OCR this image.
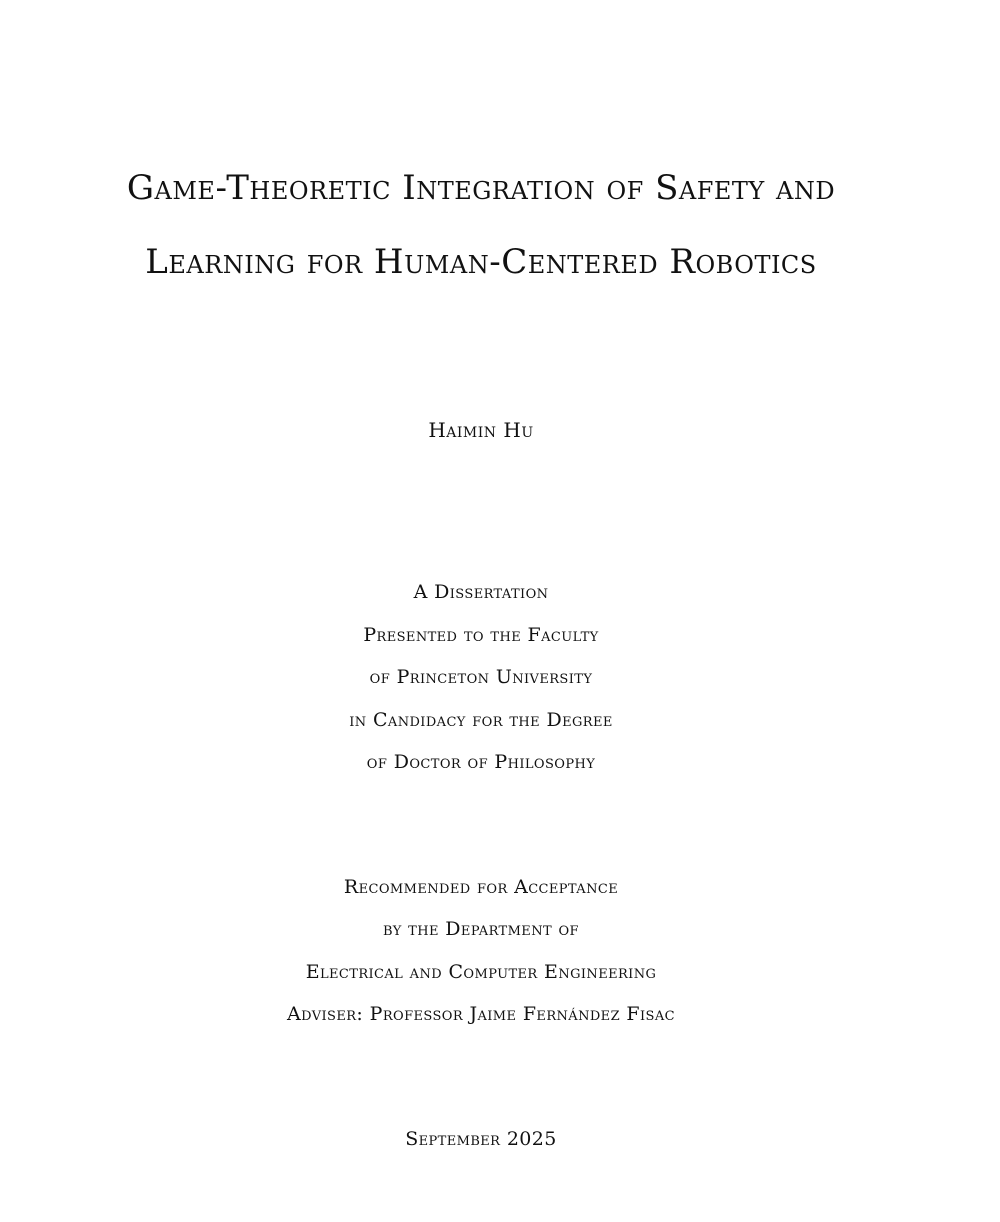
Game-Theoretic Integration of Safety and
Learning for Human-Centered Robotics
Haimin Hu
A Dissertation
Presented to the Faculty
of Princeton University
in Candidacy for the Degree
of Doctor of Philosophy
Recommended for Acceptance
by the Department of
Electrical and Computer Engineering
Adviser: Professor Jaime Fernández Fisac
September 2025
